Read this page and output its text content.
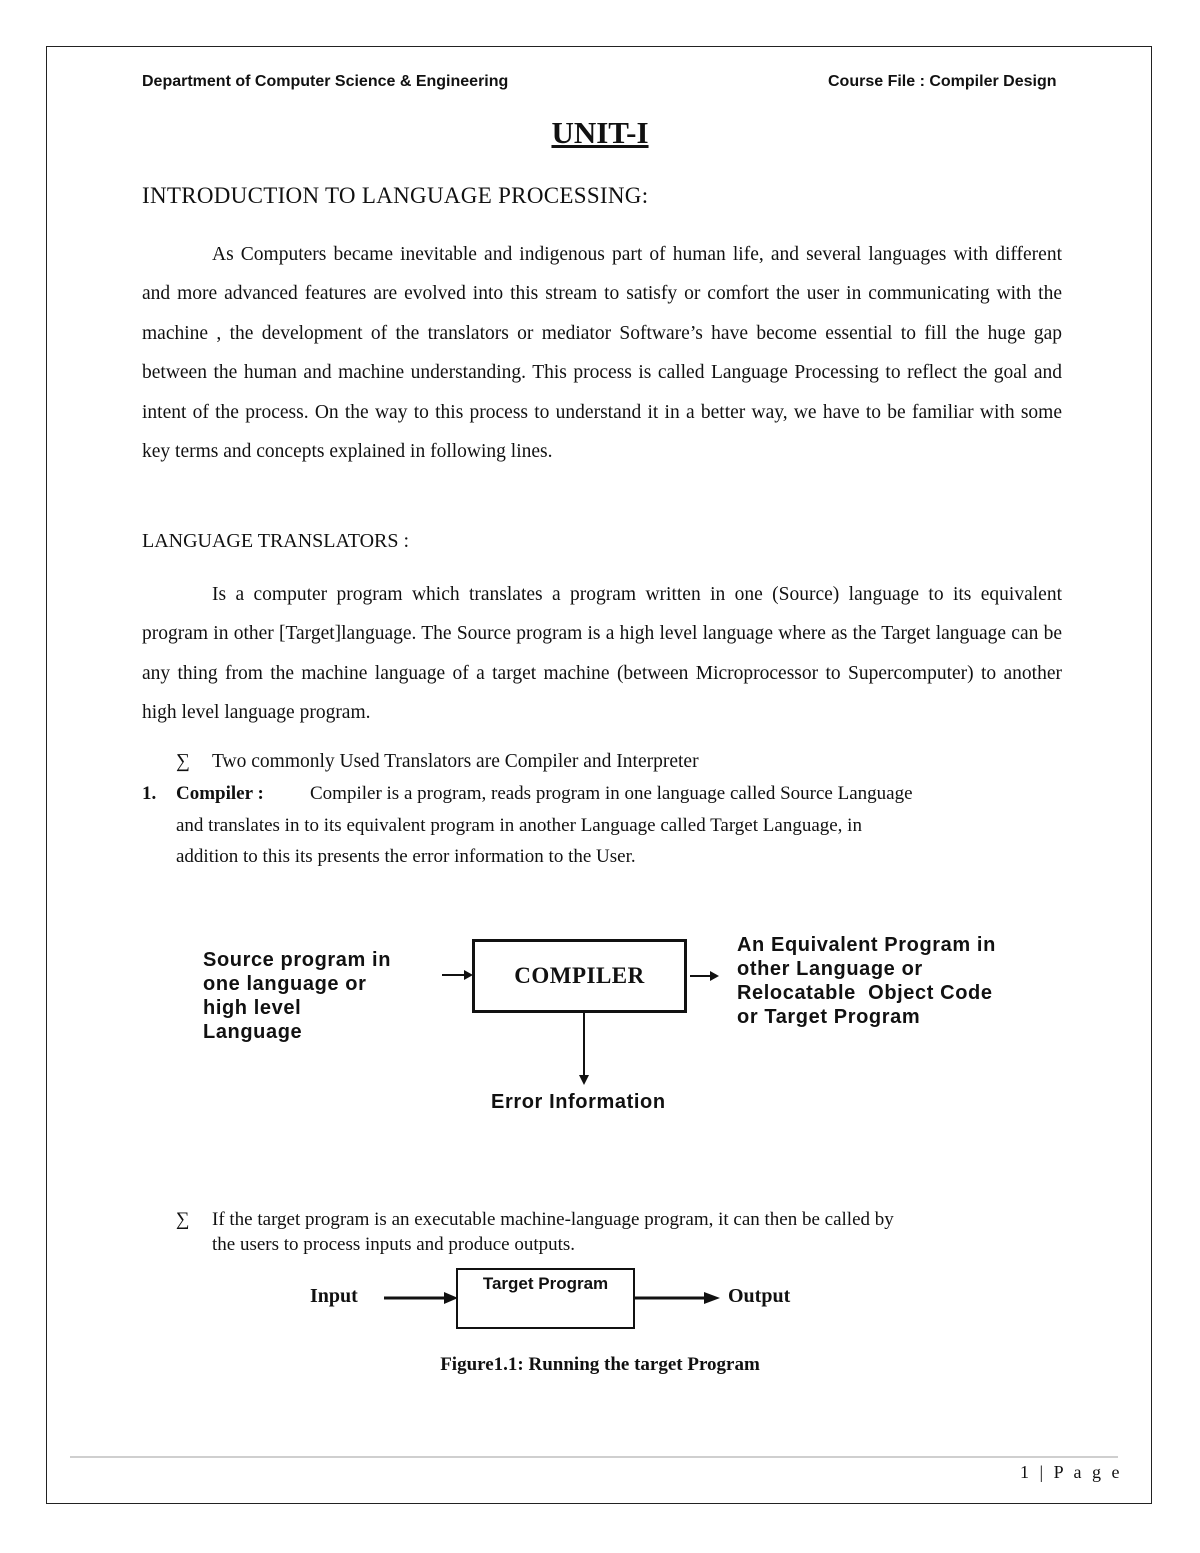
Department of Computer Science & Engineering	Course File : Compiler Design
UNIT-I
INTRODUCTION TO LANGUAGE PROCESSING:
As Computers became inevitable and indigenous part of human life, and several languages with different and more advanced features are evolved into this stream to satisfy or comfort the user in communicating with the machine , the development of the translators or mediator Software’s have become essential to fill the huge gap between the human and machine understanding. This process is called Language Processing to reflect the goal and intent of the process. On the way to this process to understand it in a better way, we have to be familiar with some key terms and concepts explained in following lines.
LANGUAGE TRANSLATORS :
Is a computer program which translates a program written in one (Source) language to its equivalent program in other [Target]language. The Source program is a high level language where as the Target language can be any thing from the machine language of a target machine (between Microprocessor to Supercomputer) to another high level language program.
∑ Two commonly Used Translators are Compiler and Interpreter
1. Compiler : Compiler is a program, reads program in one language called Source Language
and translates in to its equivalent program in another Language called Target Language, in
addition to this its presents the error information to the User.
Source program in
one language or
high level
Language
COMPILER
An Equivalent Program in
other Language or
Relocatable  Object Code
or Target Program
Error Information
∑ If the target program is an executable machine-language program, it can then be called by
the users to process inputs and produce outputs.
Input
Target Program
Output
Figure1.1: Running the target Program
1 | P a g e
